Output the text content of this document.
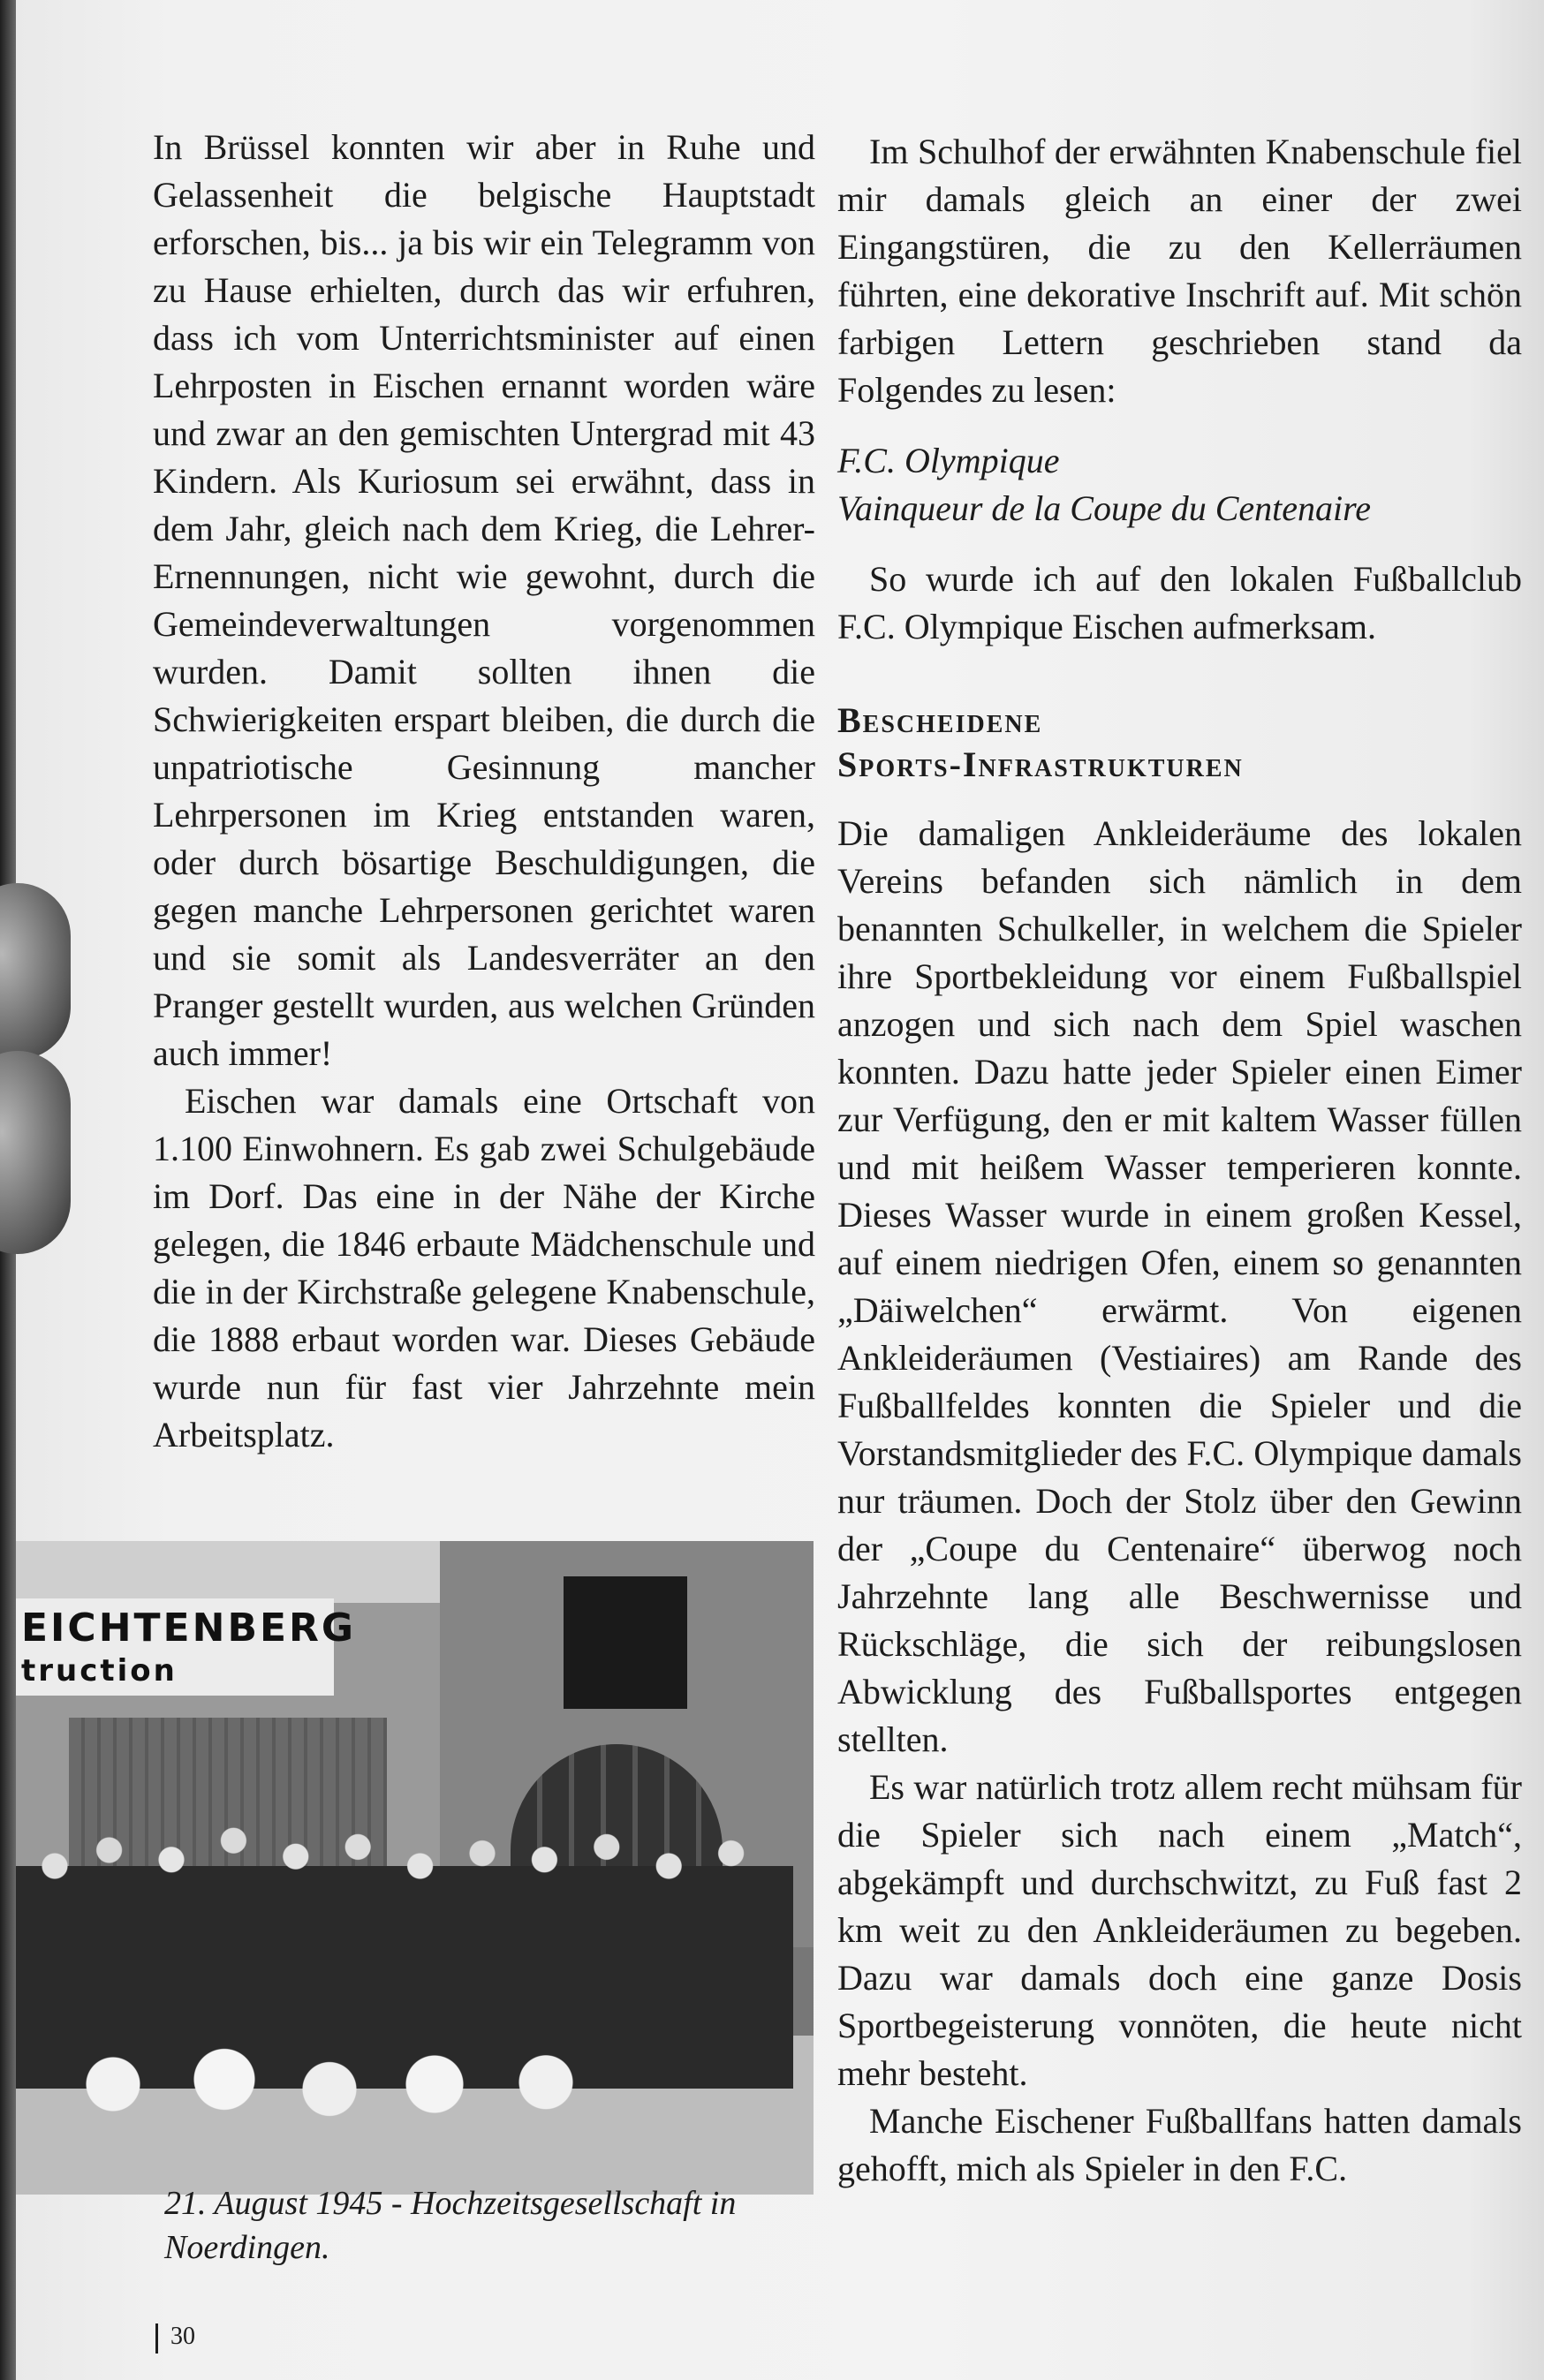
In Brüssel konnten wir aber in Ruhe und Gelassenheit die belgische Hauptstadt erforschen, bis... ja bis wir ein Telegramm von zu Hause erhielten, durch das wir erfuhren, dass ich vom Unterrichtsminister auf einen Lehrposten in Eischen ernannt worden wäre und zwar an den gemischten Untergrad mit 43 Kindern. Als Kuriosum sei erwähnt, dass in dem Jahr, gleich nach dem Krieg, die Lehrer-Ernennungen, nicht wie gewohnt, durch die Gemeindeverwaltungen vorgenommen wurden. Damit sollten ihnen die Schwierigkeiten erspart bleiben, die durch die unpatriotische Gesinnung mancher Lehrpersonen im Krieg entstanden waren, oder durch bösartige Beschuldigungen, die gegen manche Lehrpersonen gerichtet waren und sie somit als Landesverräter an den Pranger gestellt wurden, aus welchen Gründen auch immer!

Eischen war damals eine Ortschaft von 1.100 Einwohnern. Es gab zwei Schulgebäude im Dorf. Das eine in der Nähe der Kirche gelegen, die 1846 erbaute Mädchenschule und die in der Kirchstraße gelegene Knabenschule, die 1888 erbaut worden war. Dieses Gebäude wurde nun für fast vier Jahrzehnte mein Arbeitsplatz.

EICHTENBERG
truction
21. August 1945 - Hochzeitsgesellschaft in Noerdingen.

Im Schulhof der erwähnten Knabenschule fiel mir damals gleich an einer der zwei Eingangstüren, die zu den Kellerräumen führten, eine dekorative Inschrift auf. Mit schön farbigen Lettern geschrieben stand da Folgendes zu lesen:

F.C. Olympique

Vainqueur de la Coupe du Centenaire

So wurde ich auf den lokalen Fußballclub F.C. Olympique Eischen aufmerksam.

Bescheidene

Sports-Infrastrukturen

Die damaligen Ankleideräume des lokalen Vereins befanden sich nämlich in dem benannten Schulkeller, in welchem die Spieler ihre Sportbekleidung vor einem Fußballspiel anzogen und sich nach dem Spiel waschen konnten. Dazu hatte jeder Spieler einen Eimer zur Verfügung, den er mit kaltem Wasser füllen und mit heißem Wasser temperieren konnte. Dieses Wasser wurde in einem großen Kessel, auf einem niedrigen Ofen, einem so genannten „Däiwelchen“ erwärmt. Von eigenen Ankleideräumen (Vestiaires) am Rande des Fußballfeldes konnten die Spieler und die Vorstandsmitglieder des F.C. Olympique damals nur träumen. Doch der Stolz über den Gewinn der „Coupe du Centenaire“ überwog noch Jahrzehnte lang alle Beschwernisse und Rückschläge, die sich der reibungslosen Abwicklung des Fußballsportes entgegen stellten.

Es war natürlich trotz allem recht mühsam für die Spieler sich nach einem „Match“, abgekämpft und durchschwitzt, zu Fuß fast 2 km weit zu den Ankleideräumen zu begeben. Dazu war damals doch eine ganze Dosis Sportbegeisterung vonnöten, die heute nicht mehr besteht.

Manche Eischener Fußballfans hatten damals gehofft, mich als Spieler in den F.C.

30
